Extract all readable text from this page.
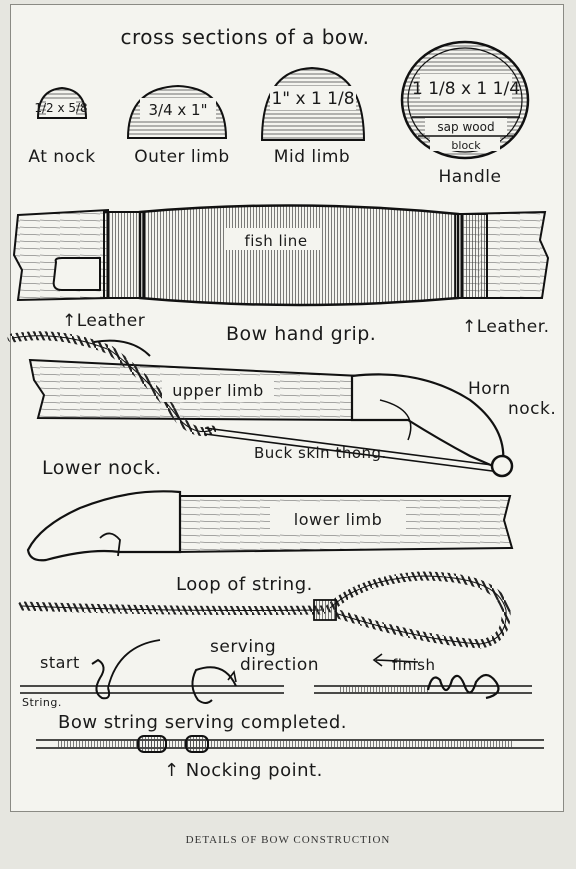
cross sections of a bow.
1/2 x 5/8
At nock
3/4 x 1"
Outer limb
1" x 1 1/8
Mid limb
1 1/8 x 1 1/4
sap wood
block
Handle
fish line
↑Leather	↑Leather.
Bow hand grip.
upper limb	Horn
nock.
Buck skin thong.
Lower nock.
lower limb
Loop of string.
start
serving
direction	finish
String.
Bow string serving completed.
↑ Nocking point.
DETAILS OF BOW CONSTRUCTION
